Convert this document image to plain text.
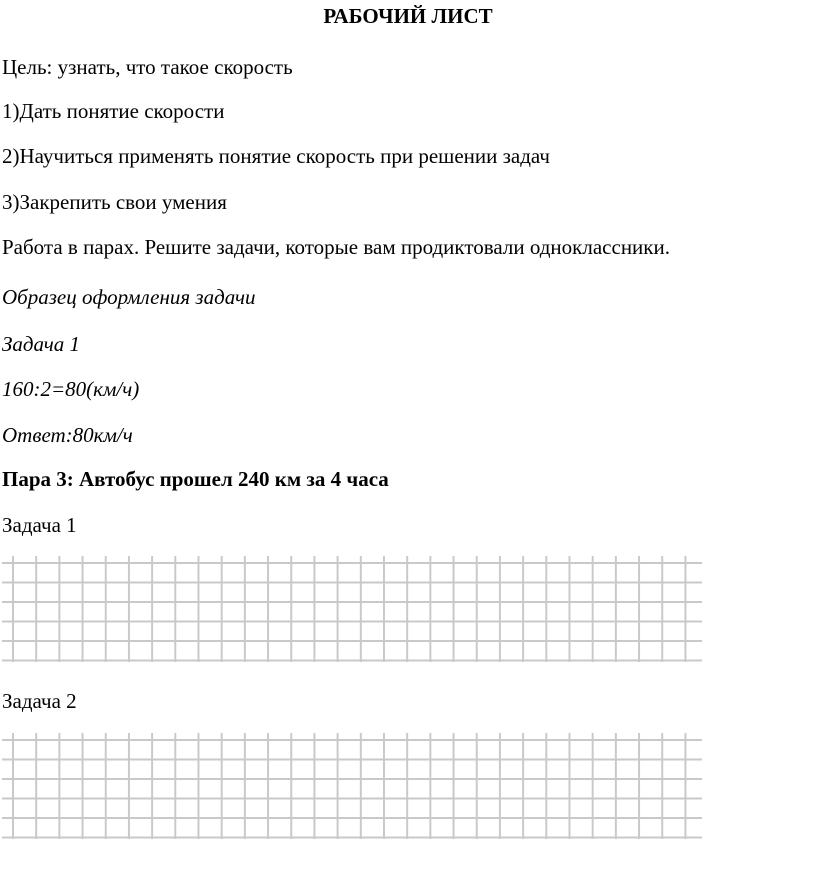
РАБОЧИЙ ЛИСТ
Цель: узнать, что такое скорость
1)Дать понятие скорости
2)Научиться применять понятие скорость при решении задач
3)Закрепить свои умения
Работа в парах. Решите задачи, которые вам продиктовали одноклассники.
Образец оформления задачи
Задача 1
160:2=80(км/ч)
Ответ:80км/ч
Пара 3: Автобус прошел 240 км за 4 часа
Задача 1
Задача 2
